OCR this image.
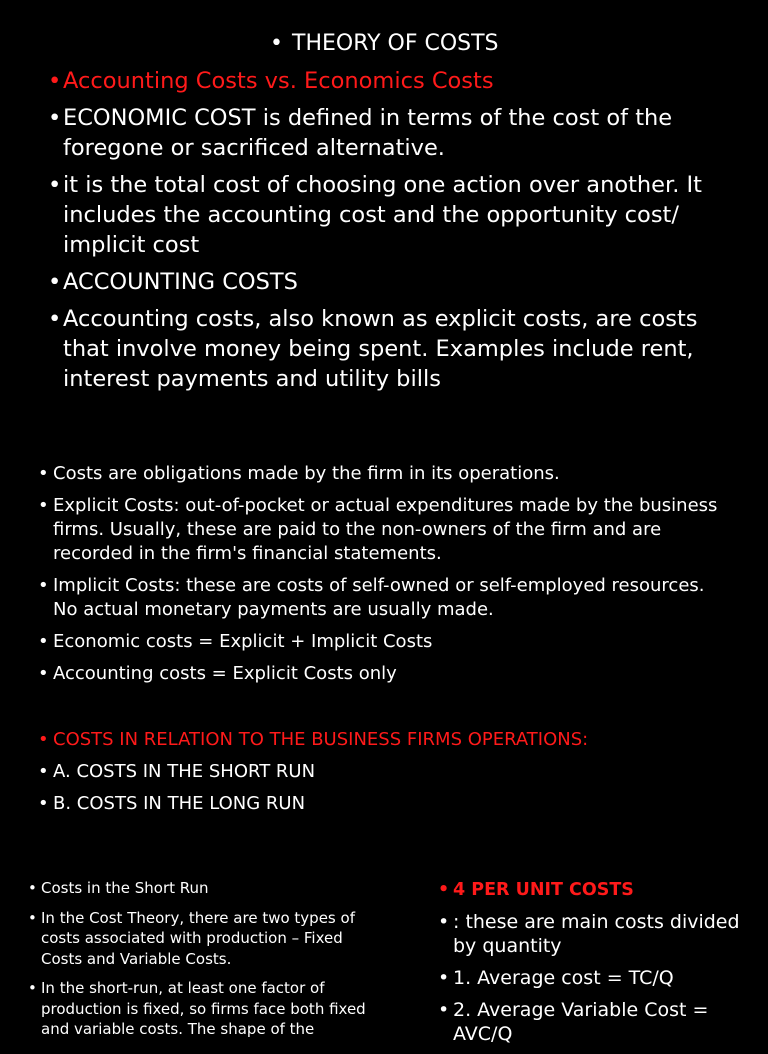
• THEORY OF COSTS
• Accounting Costs vs. Economics Costs
• ECONOMIC COST is defined in terms of the cost of the foregone or sacrificed alternative.
• it is the total cost of choosing one action over another. It includes the accounting cost and the opportunity cost/ implicit cost
• ACCOUNTING COSTS
• Accounting costs, also known as explicit costs, are costs that involve money being spent. Examples include rent, interest payments and utility bills
• Costs are obligations made by the firm in its operations.
• Explicit Costs: out-of-pocket or actual expenditures made by the business firms. Usually, these are paid to the non-owners of the firm and are recorded in the firm's financial statements.
• Implicit Costs: these are costs of self-owned or self-employed resources. No actual monetary payments are usually made.
• Economic costs = Explicit + Implicit Costs
• Accounting costs = Explicit Costs only
• COSTS IN RELATION TO THE BUSINESS FIRMS OPERATIONS:
• A. COSTS IN THE SHORT RUN
• B. COSTS IN THE LONG RUN
• Costs in the Short Run
• In the Cost Theory, there are two types of costs associated with production – Fixed Costs and Variable Costs.
• In the short-run, at least one factor of production is fixed, so firms face both fixed and variable costs. The shape of the
• 4 PER UNIT COSTS
• : these are main costs divided by quantity
• 1. Average cost = TC/Q
• 2. Average Variable Cost = AVC/Q
